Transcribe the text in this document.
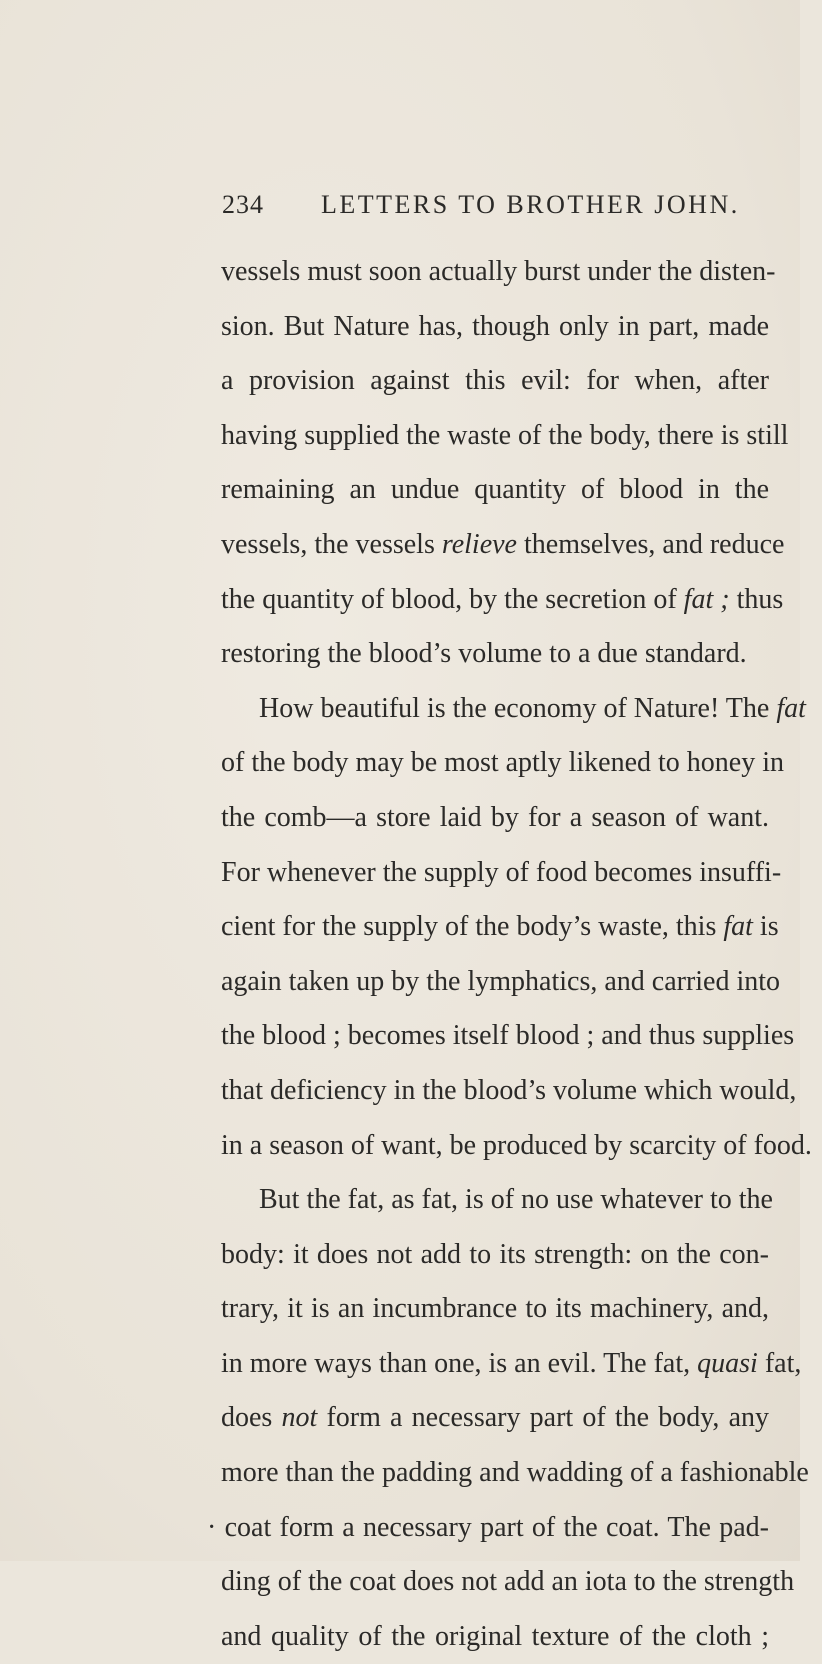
234 LETTERS TO BROTHER JOHN.
vessels must soon actually burst under the disten-
sion. But Nature has, though only in part, made
a provision against this evil: for when, after
having supplied the waste of the body, there is still
remaining an undue quantity of blood in the
vessels, the vessels relieve themselves, and reduce
the quantity of blood, by the secretion of fat ; thus
restoring the blood’s volume to a due standard.
How beautiful is the economy of Nature! The fat
of the body may be most aptly likened to honey in
the comb—a store laid by for a season of want.
For whenever the supply of food becomes insuffi-
cient for the supply of the body’s waste, this fat is
again taken up by the lymphatics, and carried into
the blood ; becomes itself blood ; and thus supplies
that deficiency in the blood’s volume which would,
in a season of want, be produced by scarcity of food.
But the fat, as fat, is of no use whatever to the
body: it does not add to its strength: on the con-
trary, it is an incumbrance to its machinery, and,
in more ways than one, is an evil. The fat, quasi fat,
does not form a necessary part of the body, any
more than the padding and wadding of a fashionable
· coat form a necessary part of the coat. The pad-
ding of the coat does not add an iota to the strength
and quality of the original texture of the cloth ;
